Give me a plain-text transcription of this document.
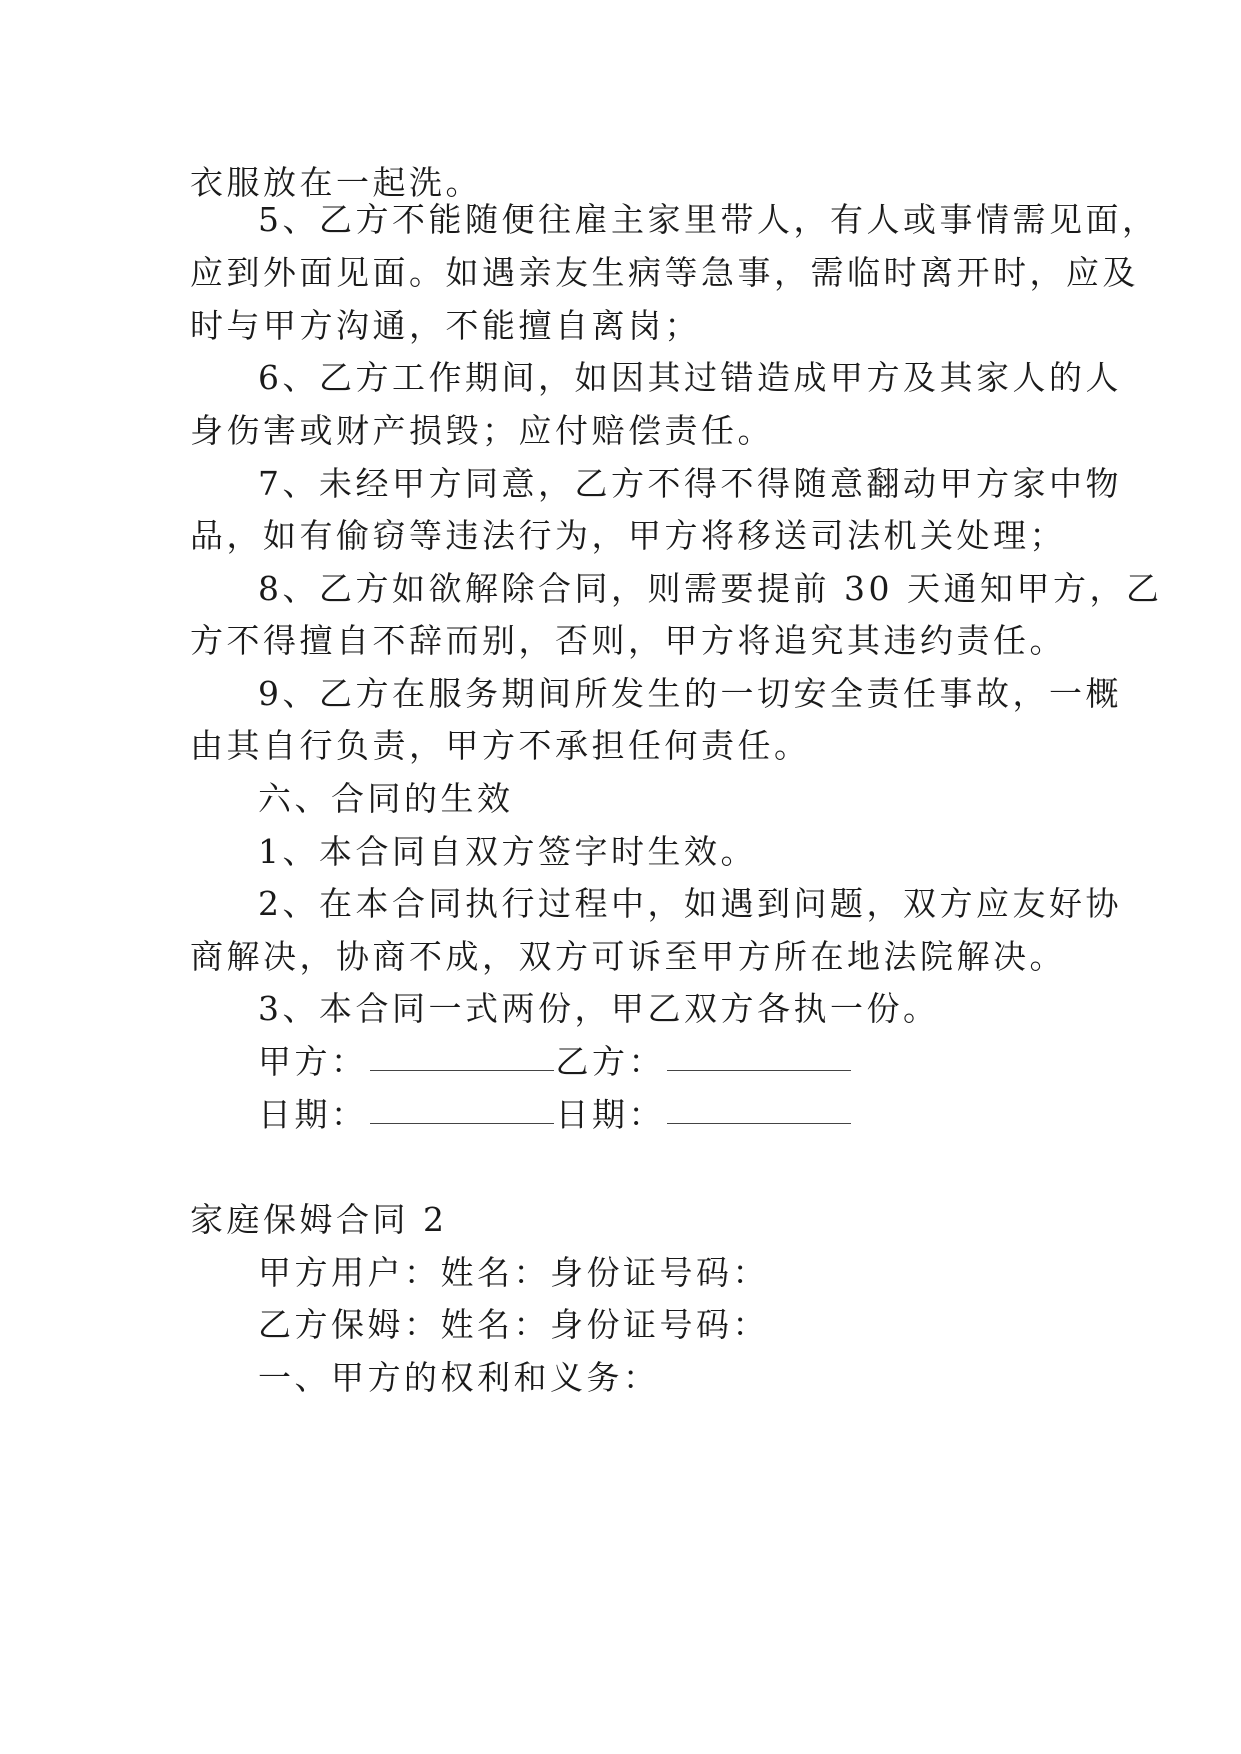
衣服放在一起洗。
5、乙方不能随便往雇主家里带人，有人或事情需见面，
应到外面见面。如遇亲友生病等急事，需临时离开时，应及
时与甲方沟通，不能擅自离岗；
6、乙方工作期间，如因其过错造成甲方及其家人的人
身伤害或财产损毁；应付赔偿责任。
7、未经甲方同意，乙方不得不得随意翻动甲方家中物
品，如有偷窃等违法行为，甲方将移送司法机关处理；
8、乙方如欲解除合同，则需要提前 30 天通知甲方，乙
方不得擅自不辞而别，否则，甲方将追究其违约责任。
9、乙方在服务期间所发生的一切安全责任事故，一概
由其自行负责，甲方不承担任何责任。
六、合同的生效
1、本合同自双方签字时生效。
2、在本合同执行过程中，如遇到问题，双方应友好协
商解决，协商不成，双方可诉至甲方所在地法院解决。
3、本合同一式两份，甲乙双方各执一份。
甲方：	乙方：
日期：	日期：
家庭保姆合同 2
甲方用户：姓名：身份证号码：
乙方保姆：姓名：身份证号码：
一、甲方的权利和义务：
